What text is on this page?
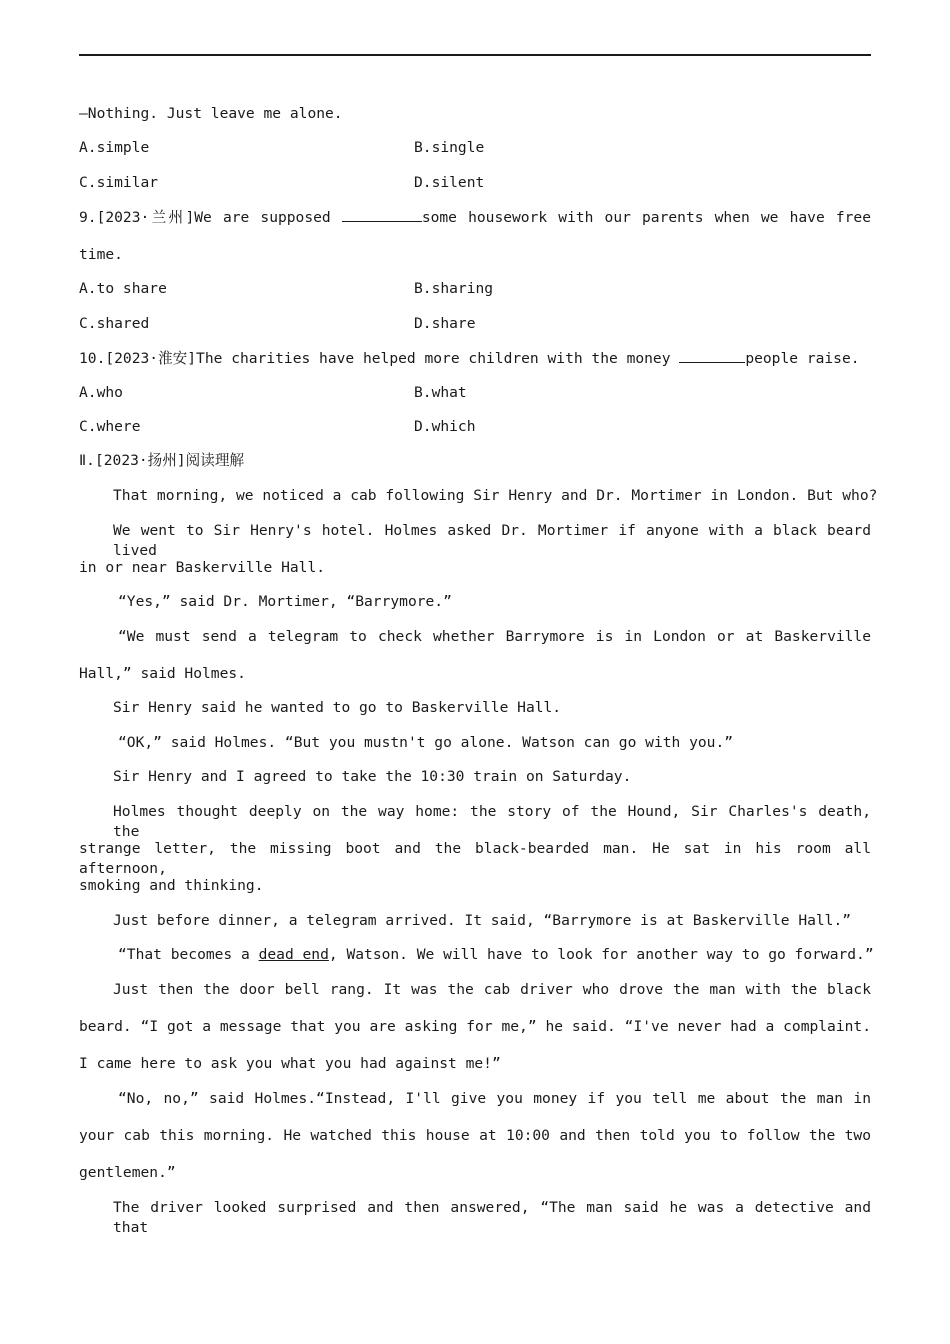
—Nothing. Just leave me alone.
A.simple	B.single
C.similar	D.silent
9.[2023·兰州]We are supposed	some housework with our parents when we have free
time.
A.to share	B.sharing
C.shared	D.share
10.[2023·淮安]The charities have helped more children with the money	people raise.
A.who	B.what
C.where	D.which
Ⅱ.[2023·扬州]阅读理解
That morning, we noticed a cab following Sir Henry and Dr. Mortimer in London. But who?
We went to Sir Henry's hotel. Holmes asked Dr. Mortimer if anyone with a black beard lived
in or near Baskerville Hall.
“Yes,” said Dr. Mortimer, “Barrymore.”
“We must send a telegram to check whether Barrymore is in London or at Baskerville
Hall,” said Holmes.
Sir Henry said he wanted to go to Baskerville Hall.
“OK,” said Holmes. “But you mustn't go alone. Watson can go with you.”
Sir Henry and I agreed to take the 10:30 train on Saturday.
Holmes thought deeply on the way home: the story of the Hound, Sir Charles's death, the
strange letter, the missing boot and the black-bearded man. He sat in his room all afternoon,
smoking and thinking.
Just before dinner, a telegram arrived. It said, “Barrymore is at Baskerville Hall.”
“That becomes a dead end, Watson. We will have to look for another way to go forward.”
Just then the door bell rang. It was the cab driver who drove the man with the black
beard. “I got a message that you are asking for me,” he said. “I've never had a complaint.
I came here to ask you what you had against me!”
“No, no,” said Holmes.“Instead, I'll give you money if you tell me about the man in
your cab this morning. He watched this house at 10:00 and then told you to follow the two
gentlemen.”
The driver looked surprised and then answered, “The man said he was a detective and that
